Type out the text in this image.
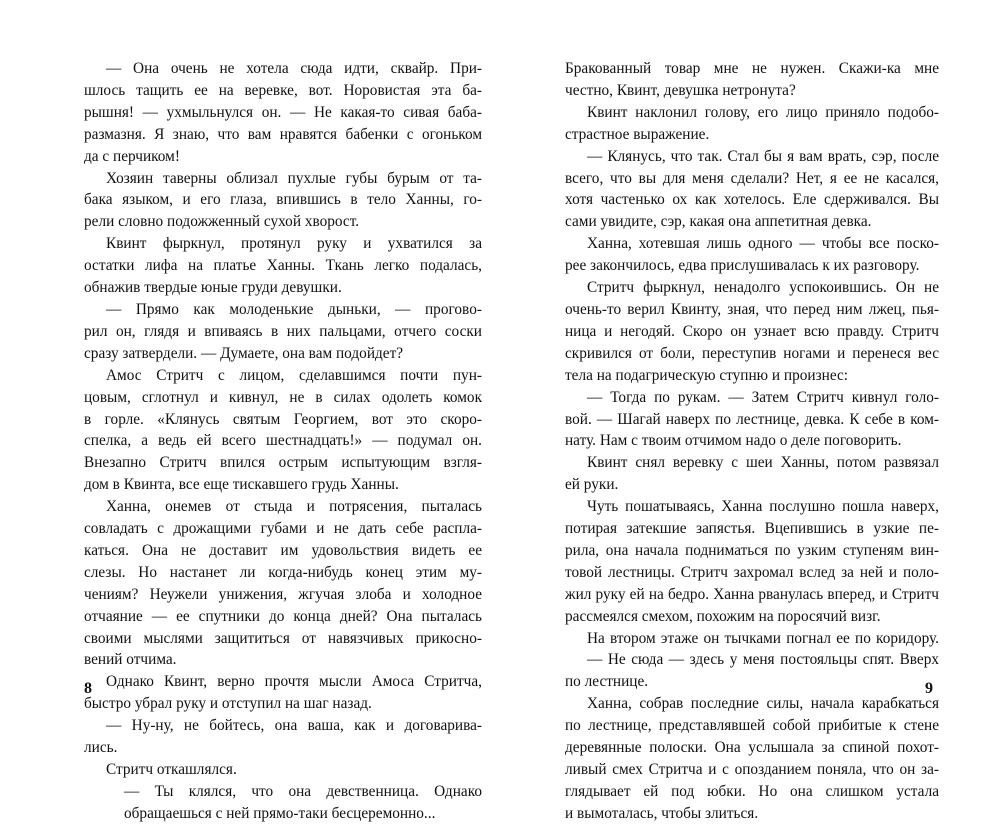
— Она очень не хотела сюда идти, сквайр. При-
шлось тащить ее на веревке, вот. Норовистая эта ба-
рышня! — ухмыльнулся он. — Не какая-то сивая баба-
размазня. Я знаю, что вам нравятся бабенки с огоньком
да с перчиком!
Хозяин таверны облизал пухлые губы бурым от та-
бака языком, и его глаза, впившись в тело Ханны, го-
рели словно подожженный сухой хворост.
Квинт фыркнул, протянул руку и ухватился за
остатки лифа на платье Ханны. Ткань легко подалась,
обнажив твердые юные груди девушки.
— Прямо как молоденькие дыньки, — проговo-
рил он, глядя и впиваясь в них пальцами, отчего соски
сразу затвердели. — Думаете, она вам подойдет?
Амос Стритч с лицом, сделавшимся почти пун-
цовым, сглотнул и кивнул, не в силах одолеть комок
в горле. «Клянусь святым Георгием, вот это скоро-
спелка, а ведь ей всего шестнадцать!» — подумал он.
Внезапно Стритч впился острым испытующим взгля-
дом в Квинта, все еще тискавшего грудь Ханны.
Ханна, онемев от стыда и потрясения, пыталась
совладать с дрожащими губами и не дать себе распла-
каться. Она не доставит им удовольствия видеть ее
слезы. Но настанет ли когда-нибудь конец этим му-
чениям? Неужели унижения, жгучая злоба и холодное
отчаяние — ее спутники до конца дней? Она пыталась
своими мыслями защититься от навязчивых прикосно-
вений отчима.
Однако Квинт, верно прочтя мысли Амоса Стритча,
быстро убрал руку и отступил на шаг назад.
— Ну-ну, не бойтесь, она ваша, как и договарива-
лись.
Стритч откашлялся.
— Ты клялся, что она девственница. Однако
обращаешься с ней прямо-таки бесцеремонно...
8
Бракованный товар мне не нужен. Скажи-ка мне
честно, Квинт, девушка нетронута?
Квинт наклонил голову, его лицо приняло подобо-
страстное выражение.
— Клянусь, что так. Стал бы я вам врать, сэр, после
всего, что вы для меня сделали? Нет, я ее не касался,
хотя частенько ох как хотелось. Еле сдерживался. Вы
сами увидите, сэр, какая она аппетитная девка.
Ханна, хотевшая лишь одного — чтобы все поско-
рее закончилось, едва прислушивалась к их разговору.
Стритч фыркнул, ненадолго успокоившись. Он не
очень-то верил Квинту, зная, что перед ним лжец, пья-
ница и негодяй. Скоро он узнает всю правду. Стритч
скривился от боли, переступив ногами и перенеся вес
тела на подагрическую ступню и произнес:
— Тогда по рукам. — Затем Стритч кивнул голо-
вой. — Шагай наверх по лестнице, девка. К себе в ком-
нату. Нам с твоим отчимом надо о деле поговорить.
Квинт снял веревку с шеи Ханны, потом развязал
ей руки.
Чуть пошатываясь, Ханна послушно пошла наверх,
потирая затекшие запястья. Вцепившись в узкие пе-
рила, она начала подниматься по узким ступеням вин-
товой лестницы. Стритч захромал вслед за ней и поло-
жил руку ей на бедро. Ханна рванулась вперед, и Стритч
рассмеялся смехом, похожим на поросячий визг.
На втором этаже он тычками погнал ее по коридору.
— Не сюда — здесь у меня постояльцы спят. Вверх
по лестнице.
Ханна, собрав последние силы, начала карабкаться
по лестнице, представлявшей собой прибитые к стене
деревянные полоски. Она услышала за спиной похот-
ливый смех Стритча и с опозданием поняла, что он за-
глядывает ей под юбки. Но она слишком устала
и вымоталась, чтобы злиться.
9
